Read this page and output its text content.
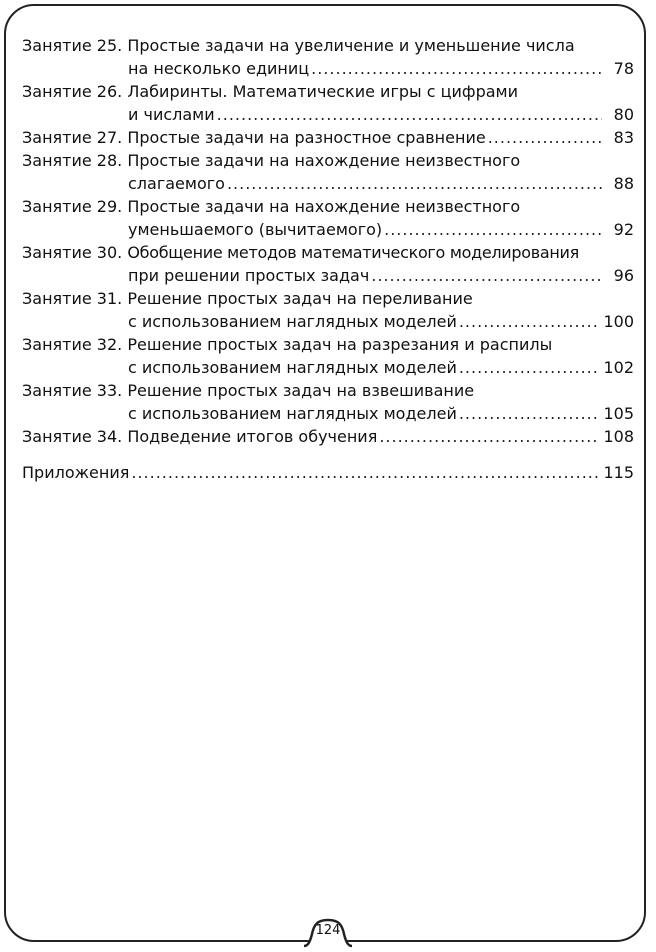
Занятие 25.
Простые задачи на увеличение и уменьшение числа
на несколько единиц .....	78
Занятие 26.
Лабиринты. Математические игры с цифрами
и числами .....	80
Занятие 27.
Простые задачи на разностное сравнение .....	83
Занятие 28.
Простые задачи на нахождение неизвестного
слагаемого .....	88
Занятие 29.
Простые задачи на нахождение неизвестного
уменьшаемого (вычитаемого) .....	92
Занятие 30.
Обобщение методов математического моделирования
при решении простых задач .....	96
Занятие 31.
Решение простых задач на переливание
с использованием наглядных моделей .....	100
Занятие 32.
Решение простых задач на разрезания и распилы
с использованием наглядных моделей .....	102
Занятие 33.
Решение простых задач на взвешивание
с использованием наглядных моделей .....	105
Занятие 34.
Подведение итогов обучения .....	108
Приложения .....	115
124
